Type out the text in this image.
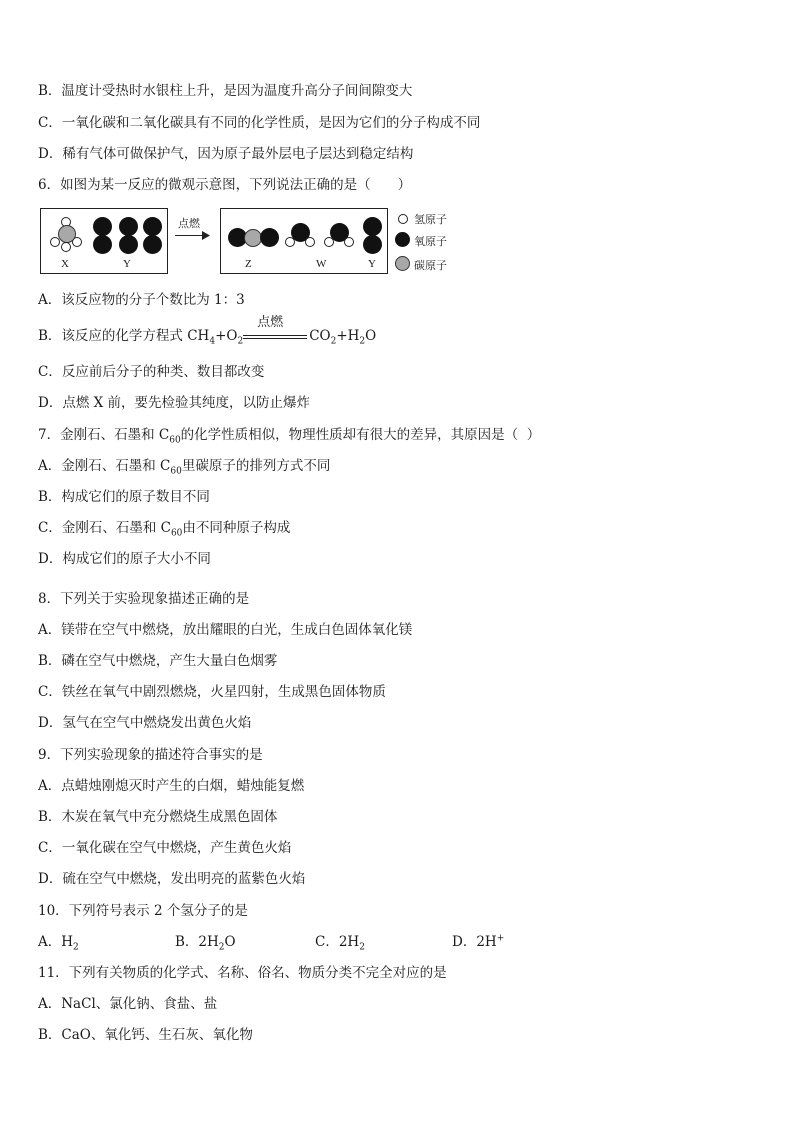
B．温度计受热时水银柱上升，是因为温度升高分子间间隙变大
C．一氧化碳和二氧化碳具有不同的化学性质，是因为它们的分子构成不同
D．稀有气体可做保护气，因为原子最外层电子层达到稳定结构
6．如图为某一反应的微观示意图，下列说法正确的是（　　）
X	Y
点燃
Z	W	Y
氢原子
氧原子
碳原子
A．该反应物的分子个数比为 1：3
B．该反应的化学方程式 $CH_4+O_2$
点燃
$CO_2+H_2O$
C．反应前后分子的种类、数目都改变
D．点燃 X 前，要先检验其纯度，以防止爆炸
7．金刚石、石墨和 $C_{60}$的化学性质相似，物理性质却有很大的差异，其原因是（  ）
A．金刚石、石墨和 $C_{60}$里碳原子的排列方式不同
B．构成它们的原子数目不同
C．金刚石、石墨和 $C_{60}$由不同种原子构成
D．构成它们的原子大小不同
8．下列关于实验现象描述正确的是
A．镁带在空气中燃烧，放出耀眼的白光，生成白色固体氧化镁
B．磷在空气中燃烧，产生大量白色烟雾
C．铁丝在氧气中剧烈燃烧，火星四射，生成黑色固体物质
D．氢气在空气中燃烧发出黄色火焰
9．下列实验现象的描述符合事实的是
A．点蜡烛刚熄灭时产生的白烟，蜡烛能复燃
B．木炭在氧气中充分燃烧生成黑色固体
C．一氧化碳在空气中燃烧，产生黄色火焰
D．硫在空气中燃烧，发出明亮的蓝紫色火焰
10．下列符号表示 2 个氢分子的是
A．$H_2$	B．$2H_2O$	C．$2H_2$	D．2H+
11．下列有关物质的化学式、名称、俗名、物质分类不完全对应的是
A．NaCl、氯化钠、食盐、盐
B．CaO、氧化钙、生石灰、氧化物
